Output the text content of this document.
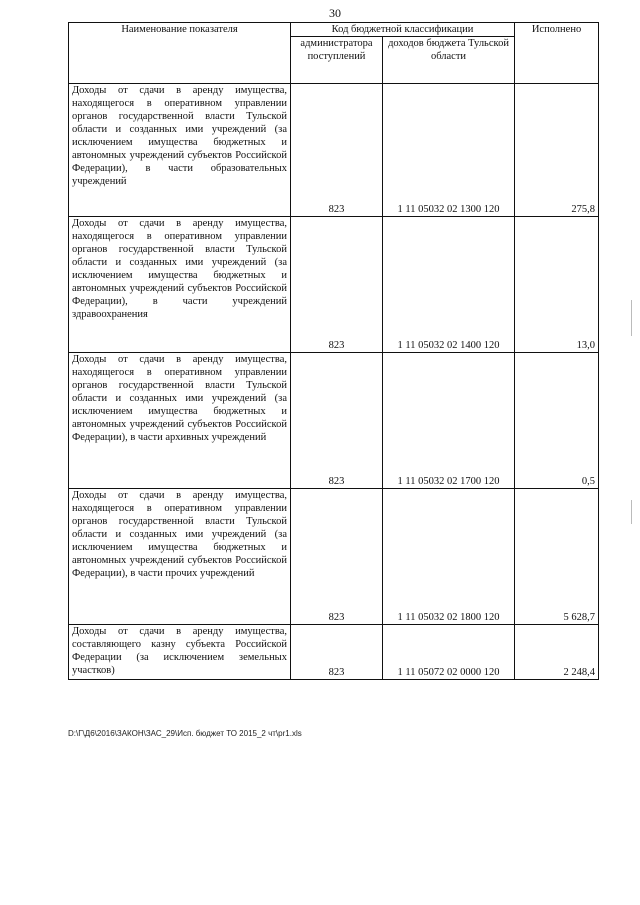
30
Наименование показателя	Код бюджетной классификации		Исполнено
	администратора поступлений	доходов бюджета Тульской области	
Доходы от сдачи в аренду имущества, находящегося в оперативном управлении органов государственной власти Тульской области и созданных ими учреждений (за исключением имущества бюджетных и автономных учреждений субъектов Российской Федерации), в части образовательных учреждений	823	1 11 05032 02 1300 120	275,8
Доходы от сдачи в аренду имущества, находящегося в оперативном управлении органов государственной власти Тульской области и созданных ими учреждений (за исключением имущества бюджетных и автономных учреждений субъектов Российской Федерации), в части учреждений здравоохранения	823	1 11 05032 02 1400 120	13,0
Доходы от сдачи в аренду имущества, находящегося в оперативном управлении органов государственной власти Тульской области и созданных ими учреждений (за исключением имущества бюджетных и автономных учреждений субъектов Российской Федерации), в части архивных учреждений	823	1 11 05032 02 1700 120	0,5
Доходы от сдачи в аренду имущества, находящегося в оперативном управлении органов государственной власти Тульской области и созданных ими учреждений (за исключением имущества бюджетных и автономных учреждений субъектов Российской Федерации), в части прочих учреждений	823	1 11 05032 02 1800 120	5 628,7
Доходы от сдачи в аренду имущества, составляющего казну субъекта Российской Федерации (за исключением земельных участков)	823	1 11 05072 02 0000 120	2 248,4
D:\Г\Д6\2016\ЗАКОН\ЗАС_29\Исп. бюджет ТО 2015_2 чт\pr1.xls
